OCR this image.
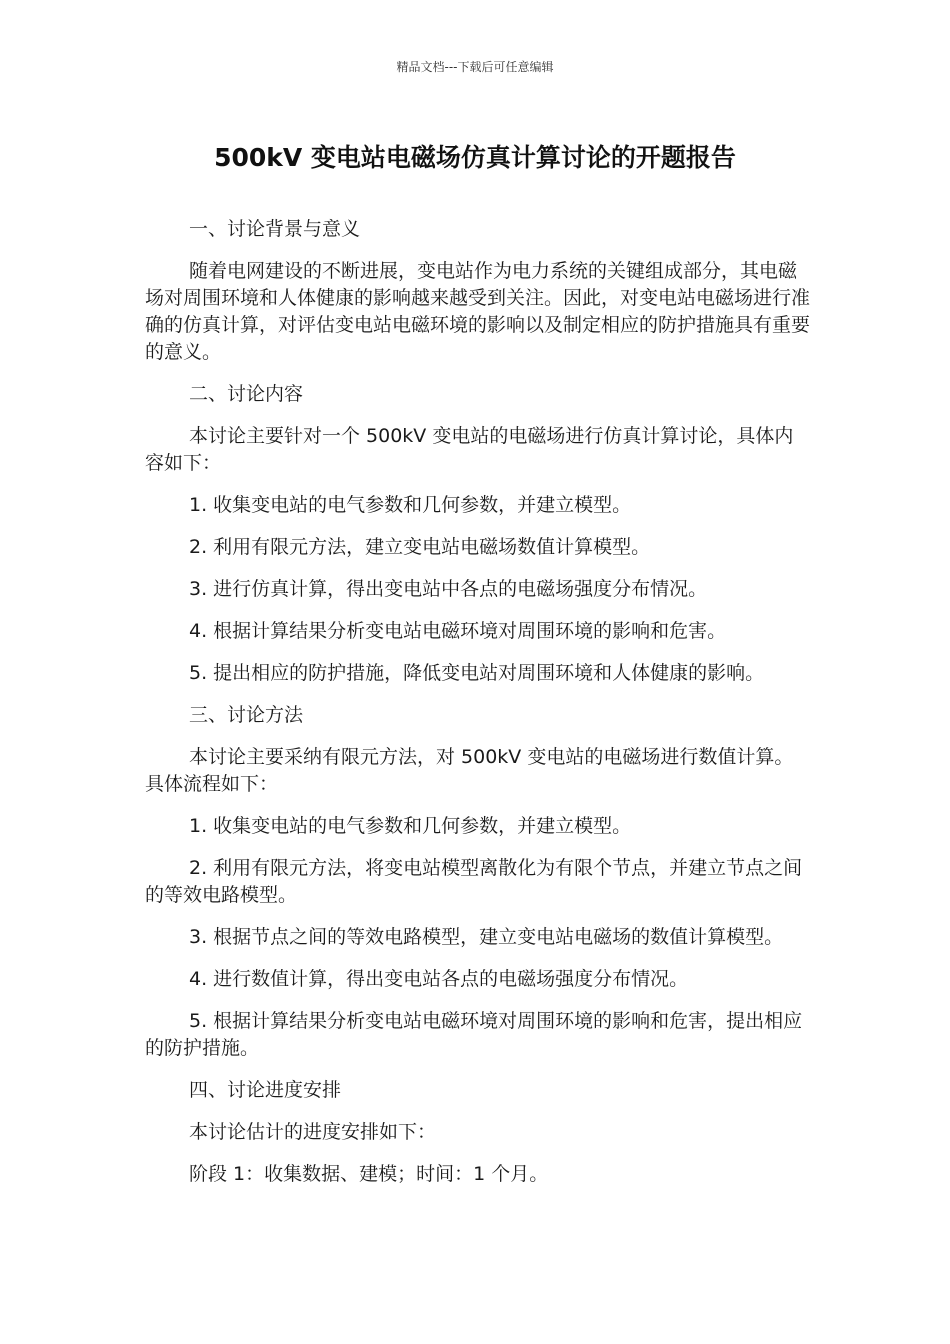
精品文档---下载后可任意编辑
500kV 变电站电磁场仿真计算讨论的开题报告

一、讨论背景与意义

随着电网建设的不断进展，变电站作为电力系统的关键组成部分，其电磁场对周围环境和人体健康的影响越来越受到关注。因此，对变电站电磁场进行准确的仿真计算，对评估变电站电磁环境的影响以及制定相应的防护措施具有重要的意义。

二、讨论内容

本讨论主要针对一个 500kV 变电站的电磁场进行仿真计算讨论，具体内容如下：

1. 收集变电站的电气参数和几何参数，并建立模型。

2. 利用有限元方法，建立变电站电磁场数值计算模型。

3. 进行仿真计算，得出变电站中各点的电磁场强度分布情况。

4. 根据计算结果分析变电站电磁环境对周围环境的影响和危害。

5. 提出相应的防护措施，降低变电站对周围环境和人体健康的影响。

三、讨论方法

本讨论主要采纳有限元方法，对 500kV 变电站的电磁场进行数值计算。具体流程如下：

1. 收集变电站的电气参数和几何参数，并建立模型。

2. 利用有限元方法，将变电站模型离散化为有限个节点，并建立节点之间的等效电路模型。

3. 根据节点之间的等效电路模型，建立变电站电磁场的数值计算模型。

4. 进行数值计算，得出变电站各点的电磁场强度分布情况。

5. 根据计算结果分析变电站电磁环境对周围环境的影响和危害，提出相应的防护措施。

四、讨论进度安排

本讨论估计的进度安排如下：

阶段 1：收集数据、建模；时间：1 个月。
